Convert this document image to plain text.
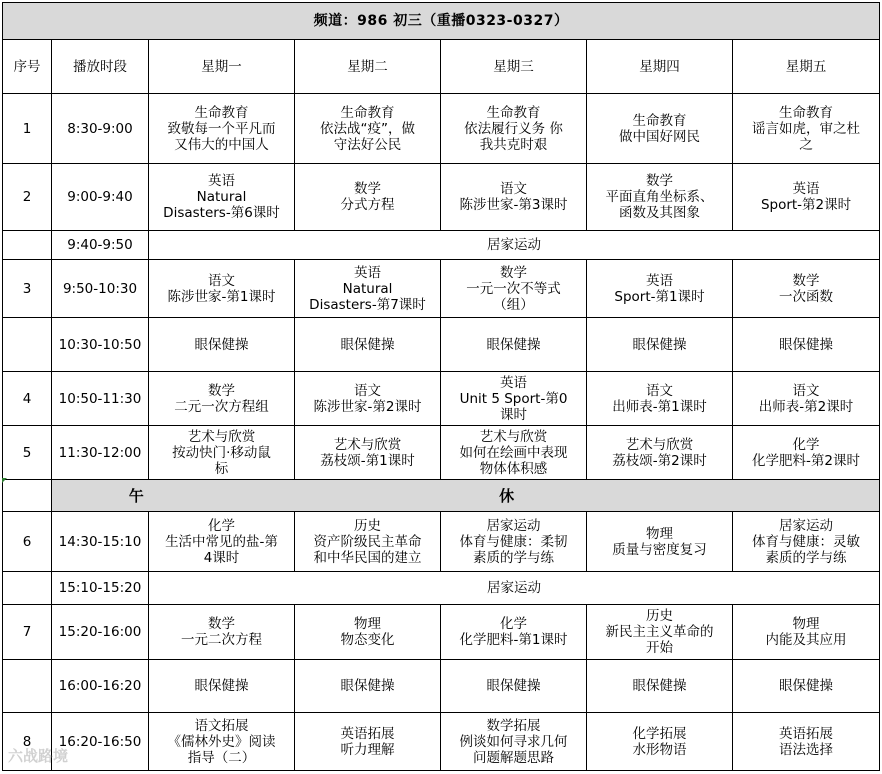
频道：986 初三（重播0323-0327）						
序号	播放时段	星期一	星期二	星期三	星期四	星期五
1	8:30-9:00	生命教育
致敬每一个平凡而
又伟大的中国人	生命教育
依法战“疫”，做
守法好公民	生命教育
依法履行义务 你
我共克时艰	生命教育
做中国好网民	生命教育
谣言如虎，审之杜
之
2	9:00-9:40	英语
Natural
Disasters-第6课时	数学
分式方程	语文
陈涉世家-第3课时	数学
平面直角坐标系、
函数及其图象	英语
Sport-第2课时
	9:40-9:50	居家运动				
3	9:50-10:30	语文
陈涉世家-第1课时	英语
Natural
Disasters-第7课时	数学
一元一次不等式
（组）	英语
Sport-第1课时	数学
一次函数
	10:30-10:50	眼保健操	眼保健操	眼保健操	眼保健操	眼保健操
4	10:50-11:30	数学
二元一次方程组	语文
陈涉世家-第2课时	英语
Unit 5 Sport-第0
课时	语文
出师表-第1课时	语文
出师表-第2课时
5	11:30-12:00	艺术与欣赏
按动快门·移动鼠
标	艺术与欣赏
荔枝颂-第1课时	艺术与欣赏
如何在绘画中表现
物体体积感	艺术与欣赏
荔枝颂-第2课时	化学
化学肥料-第2课时
	午 休					
6	14:30-15:10	化学
生活中常见的盐-第
4课时	历史
资产阶级民主革命
和中华民国的建立	居家运动
体育与健康：柔韧
素质的学与练	物理
质量与密度复习	居家运动
体育与健康：灵敏
素质的学与练
	15:10-15:20	居家运动				
7	15:20-16:00	数学
一元二次方程	物理
物态变化	化学
化学肥料-第1课时	历史
新民主主义革命的
开始	物理
内能及其应用
	16:00-16:20	眼保健操	眼保健操	眼保健操	眼保健操	眼保健操
8	16:20-16:50	语文拓展
《儒林外史》阅读
指导（二）	英语拓展
听力理解	数学拓展
例谈如何寻求几何
问题解题思路	化学拓展
水形物语	英语拓展
语法选择
六战路境
